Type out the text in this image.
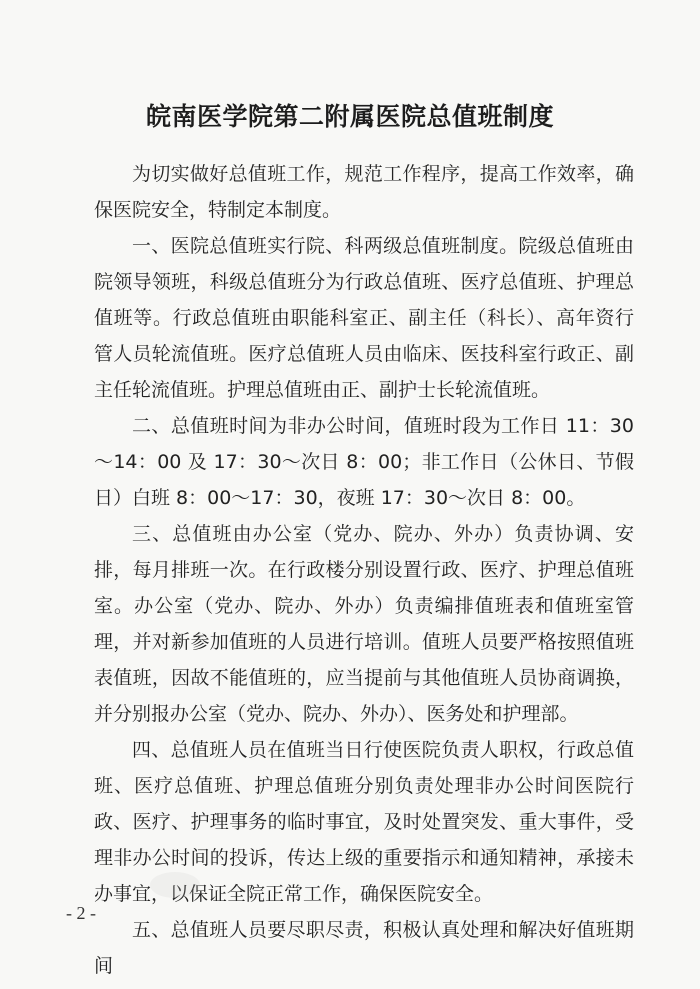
皖南医学院第二附属医院总值班制度

为切实做好总值班工作，规范工作程序，提高工作效率，确保医院安全，特制定本制度。

一、医院总值班实行院、科两级总值班制度。院级总值班由院领导领班，科级总值班分为行政总值班、医疗总值班、护理总值班等。行政总值班由职能科室正、副主任（科长）、高年资行管人员轮流值班。医疗总值班人员由临床、医技科室行政正、副主任轮流值班。护理总值班由正、副护士长轮流值班。

二、总值班时间为非办公时间，值班时段为工作日 11：30～14：00 及 17：30～次日 8：00；非工作日（公休日、节假日）白班 8：00～17：30，夜班 17：30～次日 8：00。

三、总值班由办公室（党办、院办、外办）负责协调、安排，每月排班一次。在行政楼分别设置行政、医疗、护理总值班室。办公室（党办、院办、外办）负责编排值班表和值班室管理，并对新参加值班的人员进行培训。值班人员要严格按照值班表值班，因故不能值班的，应当提前与其他值班人员协商调换，并分别报办公室（党办、院办、外办）、医务处和护理部。

四、总值班人员在值班当日行使医院负责人职权，行政总值班、医疗总值班、护理总值班分别负责处理非办公时间医院行政、医疗、护理事务的临时事宜，及时处置突发、重大事件，受理非办公时间的投诉，传达上级的重要指示和通知精神，承接未办事宜，以保证全院正常工作，确保医院安全。

五、总值班人员要尽职尽责，积极认真处理和解决好值班期间

- 2 -
